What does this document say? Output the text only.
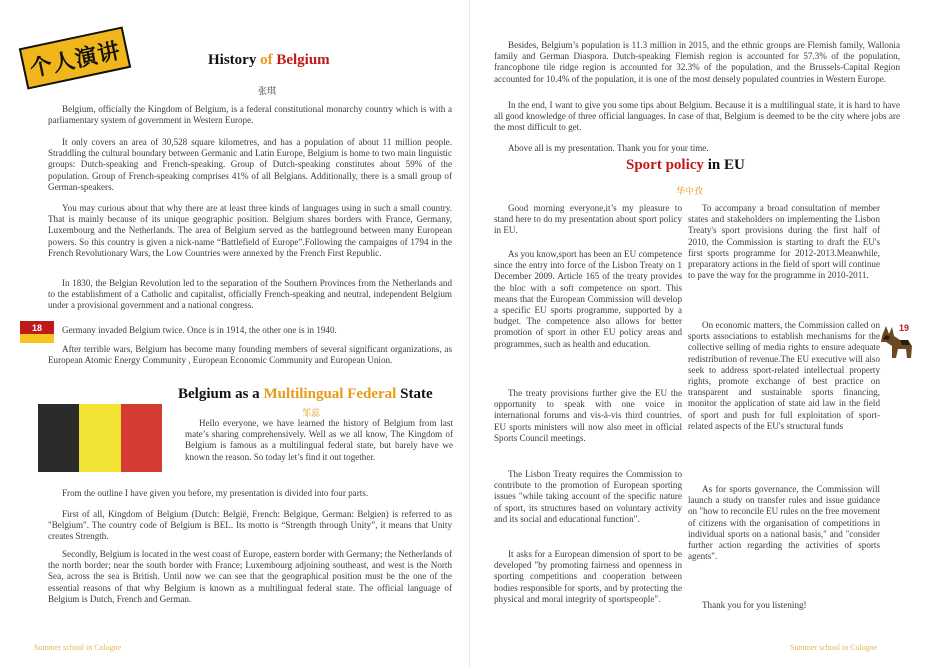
个人演讲	History of Belgium
张琪

Belgium, officially the Kingdom of Belgium, is a federal constitutional monarchy country which is with a parliamentary system of government in Western Europe.

It only covers an area of 30,528 square kilometres, and has a population of about 11 million people. Straddling the cultural boundary between Germanic and Latin Europe, Belgium is home to two main linguistic groups: Dutch-speaking and French-speaking. Group of Dutch-speaking constitutes about 59% of the population. Group of French-speaking comprises 41% of all Belgians. Additionally, there is a small group of German-speakers.

You may curious about that why there are at least three kinds of languages using in such a small country. That is mainly because of its unique geographic position. Belgium shares borders with France, Germany, Luxembourg and the Netherlands. The area of Belgium served as the battleground between many European powers. So this country is given a nick-name “Battlefield of Europe”.Following the campaigns of 1794 in the French Revolutionary Wars, the Low Countries were annexed by the French First Republic.

In 1830, the Belgian Revolution led to the separation of the Southern Provinces from the Netherlands and to the establishment of a Catholic and capitalist, officially French-speaking and neutral, independent Belgium under a provisional government and a national congress.

Germany invaded Belgium twice. Once is in 1914, the other one is in 1940.

After terrible wars, Belgium has become many founding members of several significant organizations, as European Atomic Energy Community , European Economic Community and European Union.

18
Belgium as a Multilingual Federal State
邹蕊

Hello everyone, we have learned the history of Belgium from last mate’s sharing comprehensively. Well as we all know, The Kingdom of Belgium is famous as a multilingual federal state, but barely have we known the reason. So today let’s find it out together.

From the outline I have given you before, my presentation is divided into four parts.

First of all, Kingdom of Belgium (Dutch: België, French: Belgique, German: Belgien) is referred to as "Belgium". The country code of Belgium is BEL. Its motto is “Strength through Unity”, it means that Unity creates Strength.

Secondly, Belgium is located in the west coast of Europe, eastern border with Germany; the Netherlands of the north border; near the south border with France; Luxembourg adjoining southeast, and west is the North Sea, across the sea is British. Until now we can see that the geographical position must be the one of the essential reasons of that why Belgium is known as a multilingual federal state. The official language of Belgium is Dutch, French and German.

Summer school in Cologne

Besides, Belgium’s population is 11.3 million in 2015, and the ethnic groups are Flemish family, Wallonia family and German Diaspora. Dutch-speaking Flemish region is accounted for 57.3% of the population, francophone tile ridge region is accounted for 32.3% of the population, and the Brussels-Capital Region accounted for 10.4% of the population, it is one of the most densely populated countries in Western Europe.

In the end, I want to give you some tips about Belgium. Because it is a multilingual state, it is hard to have all good knowledge of three official languages. In case of that, Belgium is deemed to be the city where jobs are the most difficult to get.

Above all is my presentation. Thank you for your time.

Sport policy in EU
华中孜

Good morning everyone,it’s my pleasure to stand here to do my presentation about sport policy in EU.

As you know,sport has been an EU competence since the entry into force of the Lisbon Treaty on 1 December 2009. Article 165 of the treaty provides the bloc with a soft competence on sport. This means that the European Commission will develop a specific EU sports programme, supported by a budget. The competence also allows for better promotion of sport in other EU policy areas and programmes, such as health and education.

The treaty provisions further give the EU the opportunity to speak with one voice in international forums and vis-à-vis third countries. EU sports ministers will now also meet in official Sports Council meetings.

The Lisbon Treaty requires the Commission to contribute to the promotion of European sporting issues "while taking account of the specific nature of sport, its structures based on voluntary activity and its social and educational function".

It asks for a European dimension of sport to be developed "by promoting fairness and openness in sporting competitions and cooperation between bodies responsible for sports, and by protecting the physical and moral integrity of sportspeople".

To accompany a broad consultation of member states and stakeholders on implementing the Lisbon Treaty's sport provisions during the first half of 2010, the Commission is starting to draft the EU's first sports programme for 2012-2013.Meanwhile, preparatory actions in the field of sport will continue to pave the way for the programme in 2010-2011.

On economic matters, the Commission called on sports associations to establish mechanisms for the collective selling of media rights to ensure adequate redistribution of revenue.The EU executive will also seek to address sport-related intellectual property rights, promote exchange of best practice on transparent and sustainable sports financing, monitor the application of state aid law in the field of sport and push for full exploitation of sport-related aspects of the EU's structural funds

As for sports governance, the Commission will launch a study on transfer rules and issue guidance on "how to reconcile EU rules on the free movement of citizens with the organisation of competitions in individual sports on a national basis," and "consider further action regarding the activities of sports agents".

Thank you for you listening!

19
Summer school in Cologne
